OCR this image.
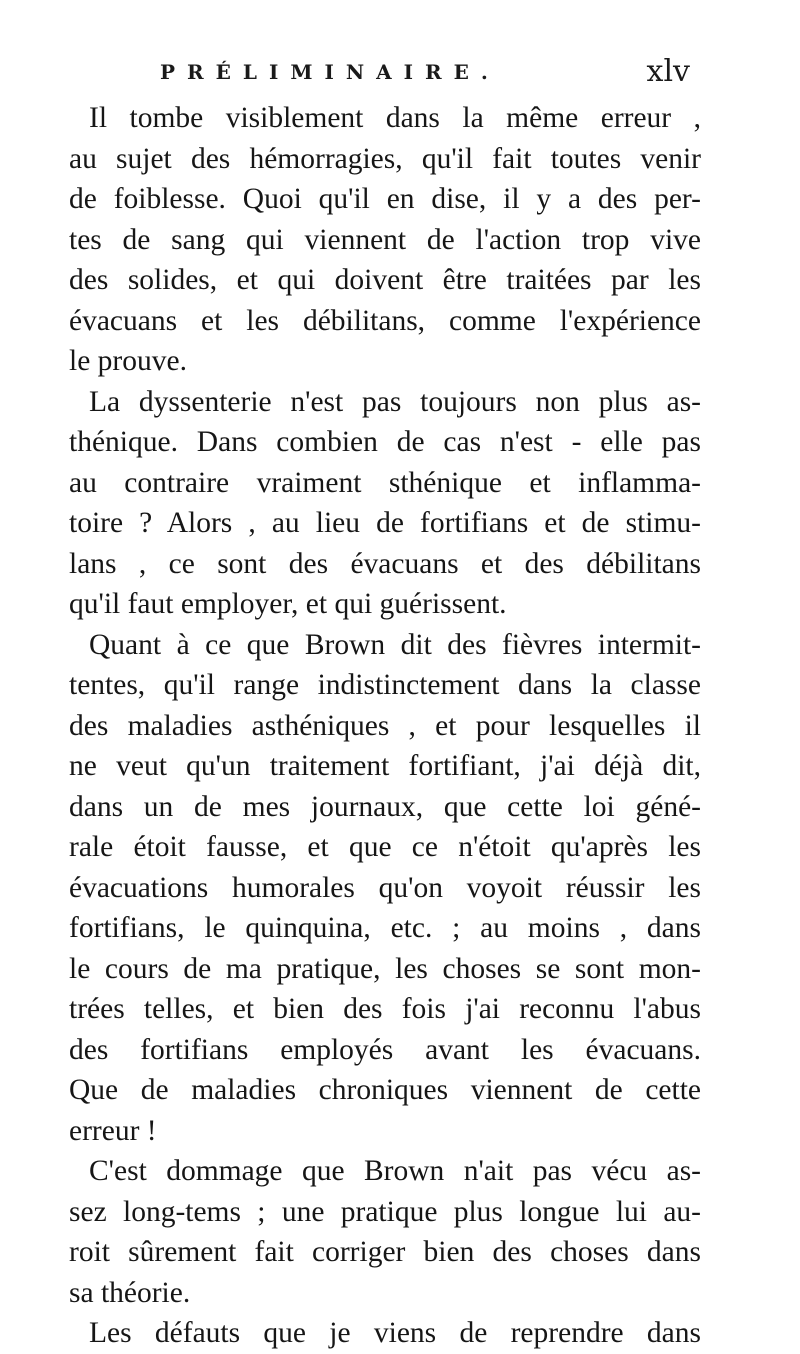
PRÉLIMINAIRE.	xlv
Il tombe visiblement dans la même erreur ,
au sujet des hémorragies, qu'il fait toutes venir
de foiblesse. Quoi qu'il en dise, il y a des per-
tes de sang qui viennent de l'action trop vive
des solides, et qui doivent être traitées par les
évacuans et les débilitans, comme l'expérience
le prouve.
La dyssenterie n'est pas toujours non plus as-
thénique. Dans combien de cas n'est - elle pas
au contraire vraiment sthénique et inflamma-
toire ? Alors , au lieu de fortifians et de stimu-
lans , ce sont des évacuans et des débilitans
qu'il faut employer, et qui guérissent.
Quant à ce que Brown dit des fièvres intermit-
tentes, qu'il range indistinctement dans la classe
des maladies asthéniques , et pour lesquelles il
ne veut qu'un traitement fortifiant, j'ai déjà dit,
dans un de mes journaux, que cette loi géné-
rale étoit fausse, et que ce n'étoit qu'après les
évacuations humorales qu'on voyoit réussir les
fortifians, le quinquina, etc. ; au moins , dans
le cours de ma pratique, les choses se sont mon-
trées telles, et bien des fois j'ai reconnu l'abus
des fortifians employés avant les évacuans.
Que de maladies chroniques viennent de cette
erreur !
C'est dommage que Brown n'ait pas vécu as-
sez long-tems ; une pratique plus longue lui au-
roit sûrement fait corriger bien des choses dans
sa théorie.
Les défauts que je viens de reprendre dans
